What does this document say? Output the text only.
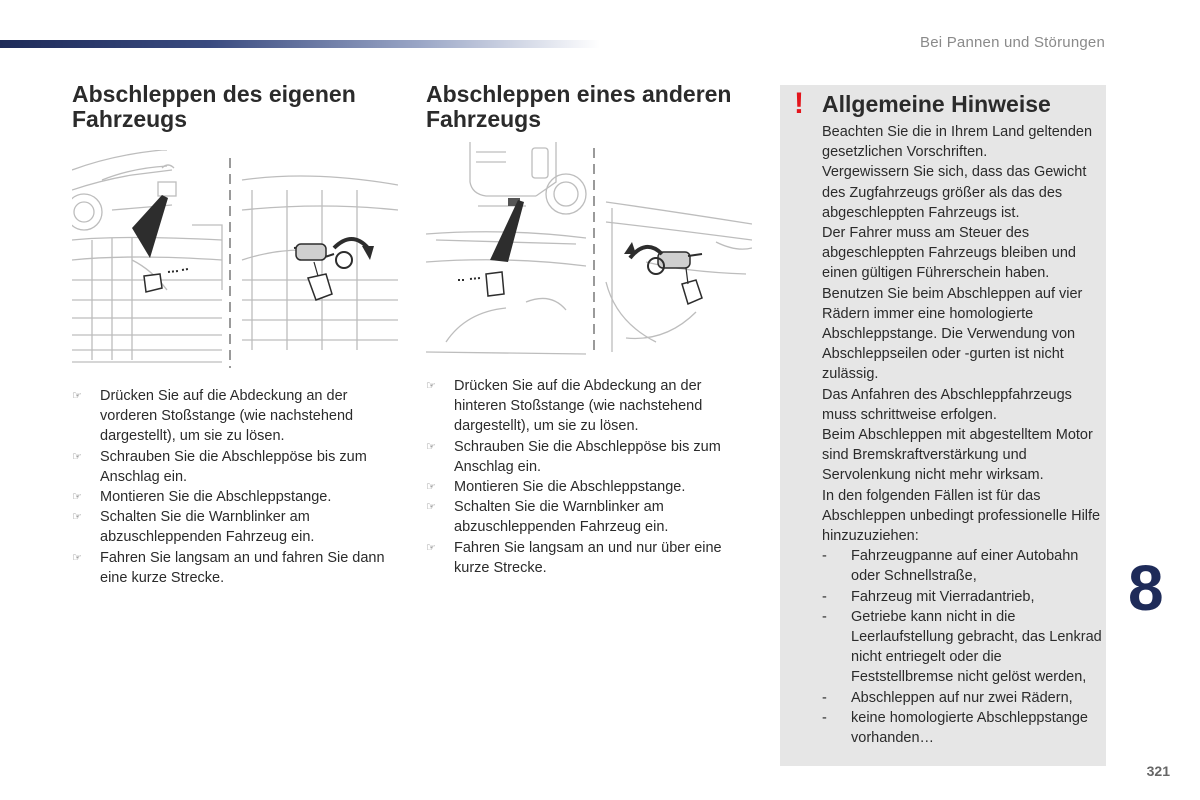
Bei Pannen und Störungen
Abschleppen des eigenen
Fahrzeugs
☞ Drücken Sie auf die Abdeckung an der vorderen Stoßstange (wie nachstehend dargestellt), um sie zu lösen.
☞ Schrauben Sie die Abschleppöse bis zum Anschlag ein.
☞ Montieren Sie die Abschleppstange.
☞ Schalten Sie die Warnblinker am abzuschleppenden Fahrzeug ein.
☞ Fahren Sie langsam an und fahren Sie dann eine kurze Strecke.
Abschleppen eines anderen
Fahrzeugs
☞ Drücken Sie auf die Abdeckung an der hinteren Stoßstange (wie nachstehend dargestellt), um sie zu lösen.
☞ Schrauben Sie die Abschleppöse bis zum Anschlag ein.
☞ Montieren Sie die Abschleppstange.
☞ Schalten Sie die Warnblinker am abzuschleppenden Fahrzeug ein.
☞ Fahren Sie langsam an und nur über eine kurze Strecke.
! Allgemeine Hinweise

Beachten Sie die in Ihrem Land geltenden gesetzlichen Vorschriften.

Vergewissern Sie sich, dass das Gewicht des Zugfahrzeugs größer als das des abgeschleppten Fahrzeugs ist.

Der Fahrer muss am Steuer des abgeschleppten Fahrzeugs bleiben und einen gültigen Führerschein haben.

Benutzen Sie beim Abschleppen auf vier Rädern immer eine homologierte Abschleppstange. Die Verwendung von Abschleppseilen oder -gurten ist nicht zulässig.

Das Anfahren des Abschleppfahrzeugs muss schrittweise erfolgen.

Beim Abschleppen mit abgestelltem Motor sind Bremskraftverstärkung und Servolenkung nicht mehr wirksam.

In den folgenden Fällen ist für das Abschleppen unbedingt professionelle Hilfe hinzuzuziehen:

- Fahrzeugpanne auf einer Autobahn oder Schnellstraße,
- Fahrzeug mit Vierradantrieb,
- Getriebe kann nicht in die Leerlaufstellung gebracht, das Lenkrad nicht entriegelt oder die Feststellbremse nicht gelöst werden,
- Abschleppen auf nur zwei Rädern,
- keine homologierte Abschleppstange vorhanden…
8
321
